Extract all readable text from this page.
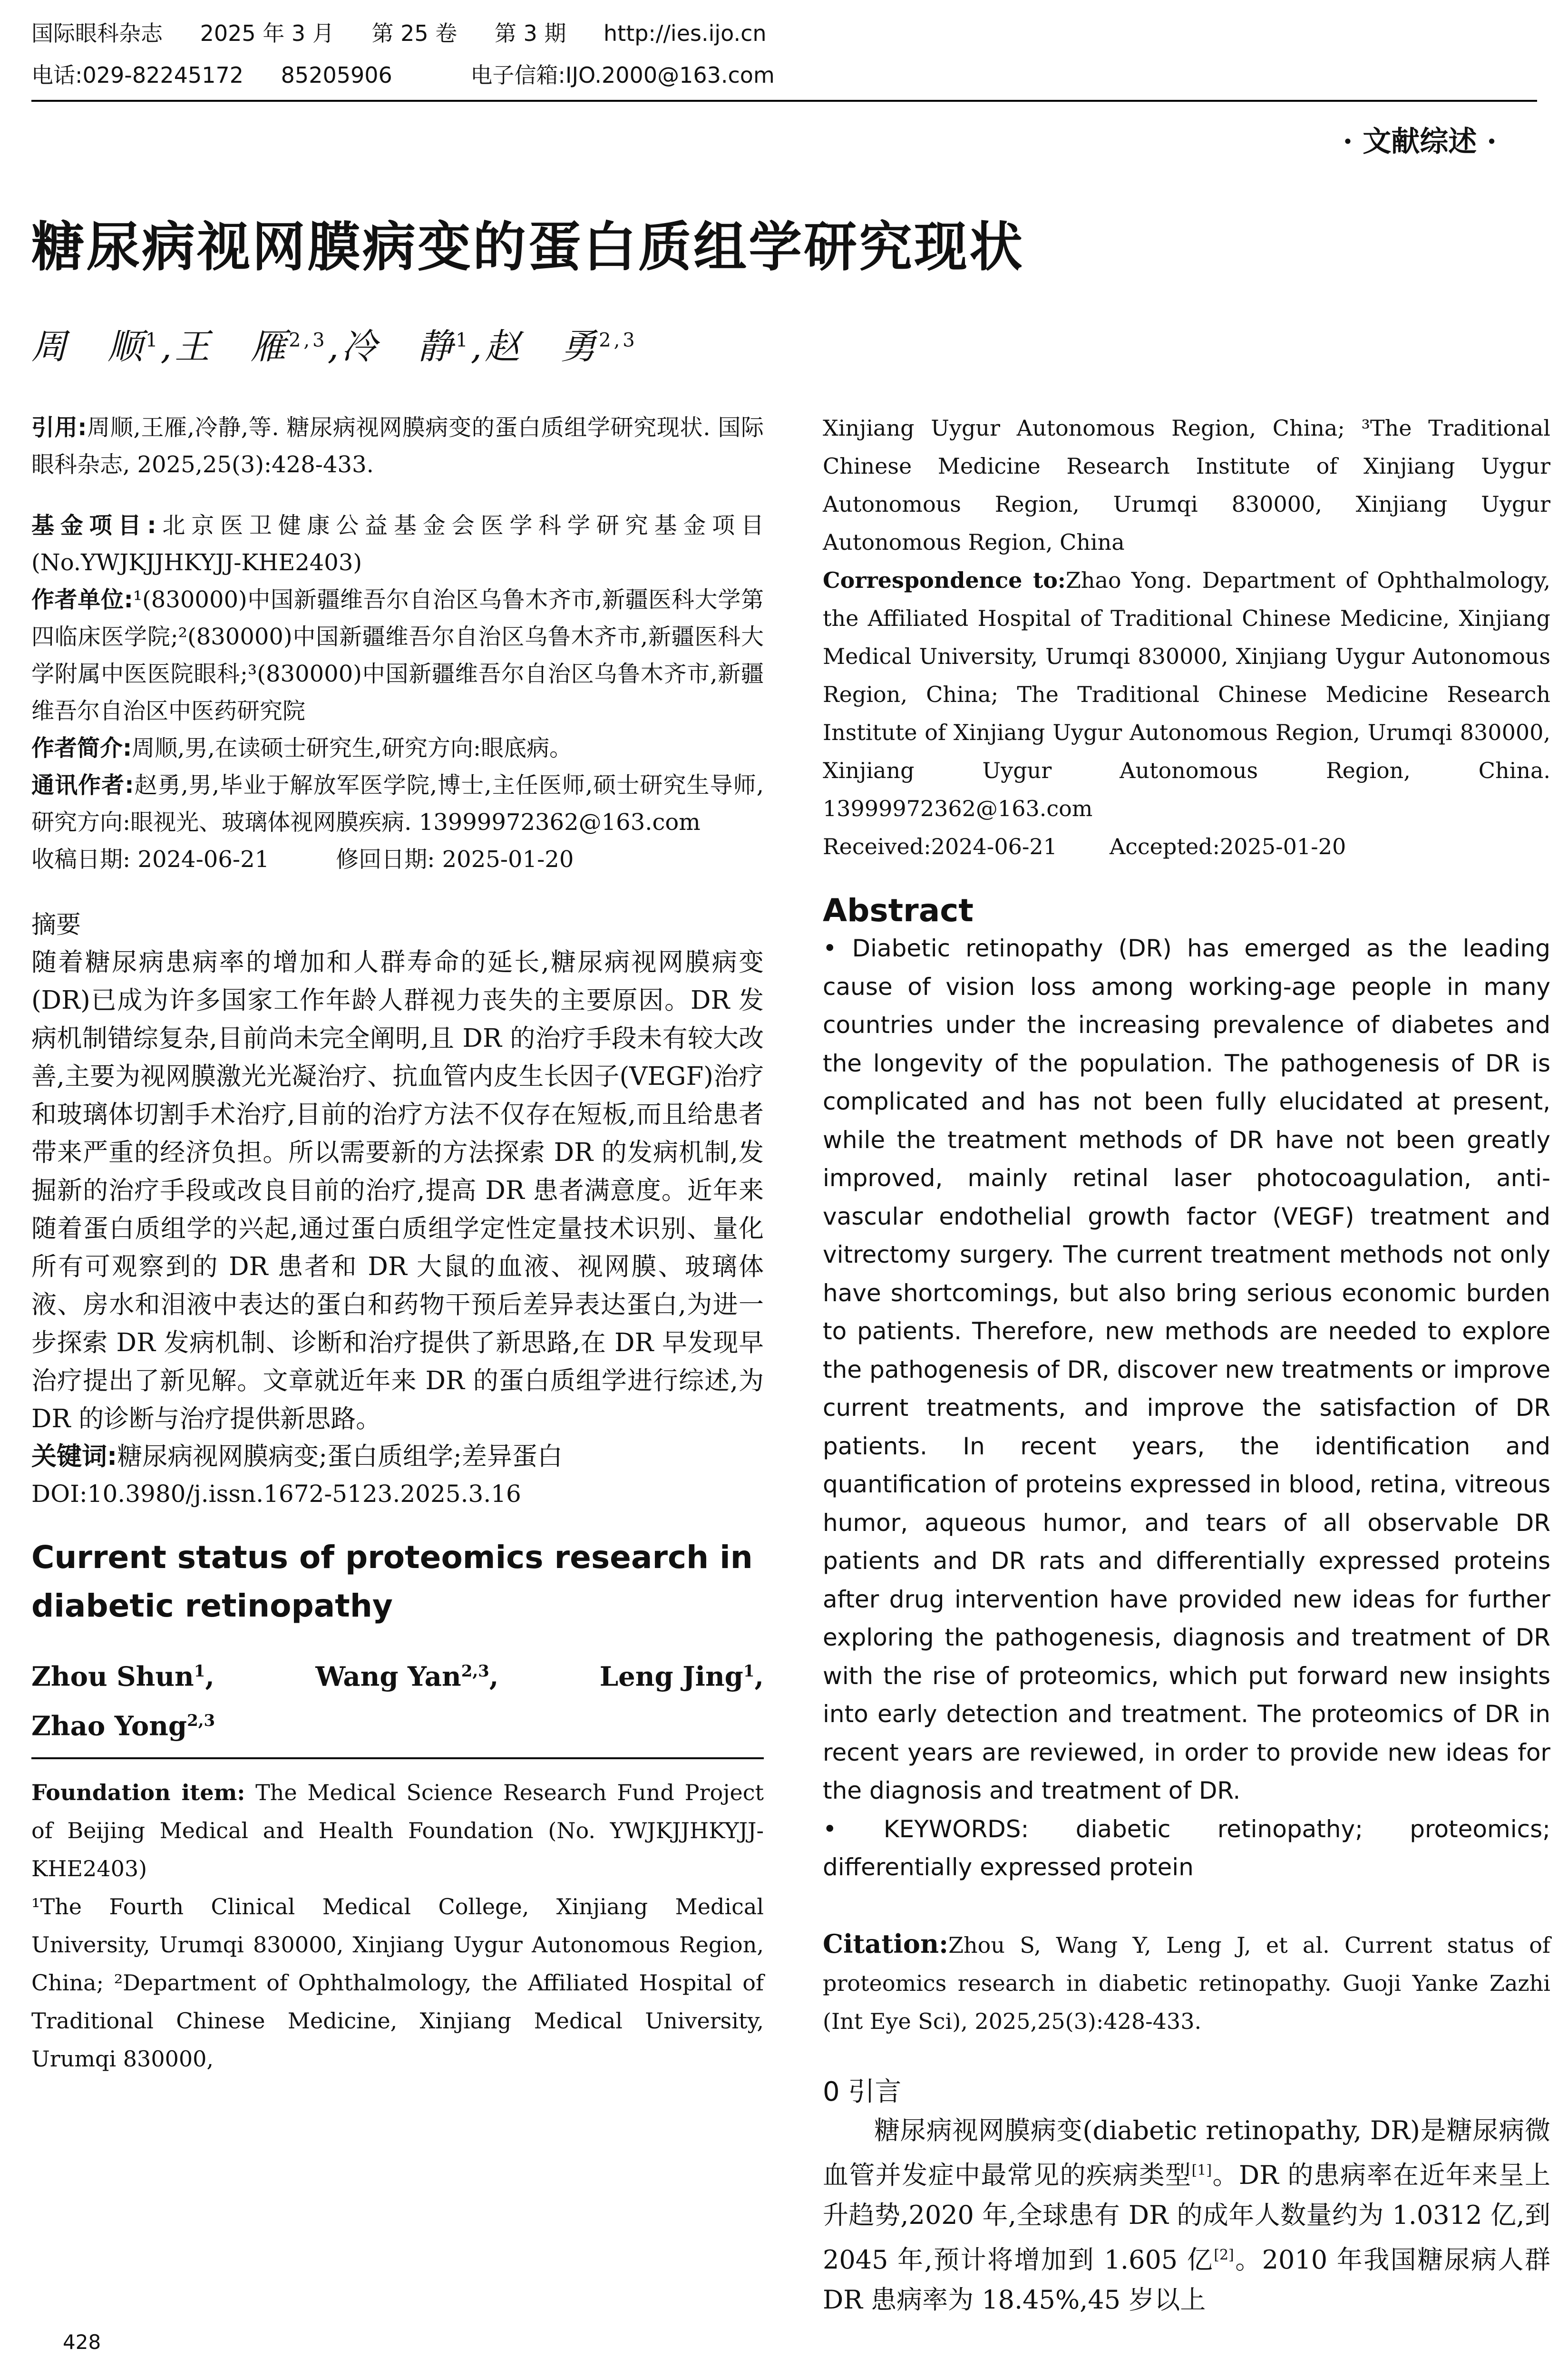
国际眼科杂志 2025 年 3 月 第 25 卷 第 3 期 http://ies.ijo.cn
电话:029-82245172 85205906	电子信箱:IJO.2000@163.com
· 文献综述 ·
糖尿病视网膜病变的蛋白质组学研究现状
周　顺$^1$,王　雁$^{2,3}$,冷　静$^1$,赵　勇$^{2,3}$

引用:周顺,王雁,冷静,等. 糖尿病视网膜病变的蛋白质组学研究现状. 国际眼科杂志, 2025,25(3):428-433.

基金项目:北京医卫健康公益基金会医学科学研究基金项目(No.YWJKJJHKYJJ-KHE2403)

作者单位:¹(830000)中国新疆维吾尔自治区乌鲁木齐市,新疆医科大学第四临床医学院;²(830000)中国新疆维吾尔自治区乌鲁木齐市,新疆医科大学附属中医医院眼科;³(830000)中国新疆维吾尔自治区乌鲁木齐市,新疆维吾尔自治区中医药研究院

作者简介:周顺,男,在读硕士研究生,研究方向:眼底病。

通讯作者:赵勇,男,毕业于解放军医学院,博士,主任医师,硕士研究生导师,研究方向:眼视光、玻璃体视网膜疾病. 13999972362@163.com

收稿日期: 2024-06-21	修回日期: 2025-01-20

摘要

随着糖尿病患病率的增加和人群寿命的延长,糖尿病视网膜病变(DR)已成为许多国家工作年龄人群视力丧失的主要原因。DR 发病机制错综复杂,目前尚未完全阐明,且 DR 的治疗手段未有较大改善,主要为视网膜激光光凝治疗、抗血管内皮生长因子(VEGF)治疗和玻璃体切割手术治疗,目前的治疗方法不仅存在短板,而且给患者带来严重的经济负担。所以需要新的方法探索 DR 的发病机制,发掘新的治疗手段或改良目前的治疗,提高 DR 患者满意度。近年来随着蛋白质组学的兴起,通过蛋白质组学定性定量技术识别、量化所有可观察到的 DR 患者和 DR 大鼠的血液、视网膜、玻璃体液、房水和泪液中表达的蛋白和药物干预后差异表达蛋白,为进一步探索 DR 发病机制、诊断和治疗提供了新思路,在 DR 早发现早治疗提出了新见解。文章就近年来 DR 的蛋白质组学进行综述,为 DR 的诊断与治疗提供新思路。

关键词:糖尿病视网膜病变;蛋白质组学;差异蛋白

DOI:10.3980/j.issn.1672-5123.2025.3.16

Current status of proteomics research in diabetic retinopathy

Zhou Shun$^1$,	Wang Yan$^{2,3}$,	Leng Jing$^1$,
Zhao Yong$^{2,3}$

Foundation item: The Medical Science Research Fund Project of Beijing Medical and Health Foundation (No. YWJKJJHKYJJ-KHE2403)

¹The Fourth Clinical Medical College, Xinjiang Medical University, Urumqi 830000, Xinjiang Uygur Autonomous Region, China; ²Department of Ophthalmology, the Affiliated Hospital of Traditional Chinese Medicine, Xinjiang Medical University, Urumqi 830000,

428

Xinjiang Uygur Autonomous Region, China; ³The Traditional Chinese Medicine Research Institute of Xinjiang Uygur Autonomous Region, Urumqi 830000, Xinjiang Uygur Autonomous Region, China

Correspondence to:Zhao Yong. Department of Ophthalmology, the Affiliated Hospital of Traditional Chinese Medicine, Xinjiang Medical University, Urumqi 830000, Xinjiang Uygur Autonomous Region, China; The Traditional Chinese Medicine Research Institute of Xinjiang Uygur Autonomous Region, Urumqi 830000, Xinjiang Uygur Autonomous Region, China. 13999972362@163.com

Received:2024-06-21 Accepted:2025-01-20

Abstract

• Diabetic retinopathy (DR) has emerged as the leading cause of vision loss among working-age people in many countries under the increasing prevalence of diabetes and the longevity of the population. The pathogenesis of DR is complicated and has not been fully elucidated at present, while the treatment methods of DR have not been greatly improved, mainly retinal laser photocoagulation, anti-vascular endothelial growth factor (VEGF) treatment and vitrectomy surgery. The current treatment methods not only have shortcomings, but also bring serious economic burden to patients. Therefore, new methods are needed to explore the pathogenesis of DR, discover new treatments or improve current treatments, and improve the satisfaction of DR patients. In recent years, the identification and quantification of proteins expressed in blood, retina, vitreous humor, aqueous humor, and tears of all observable DR patients and DR rats and differentially expressed proteins after drug intervention have provided new ideas for further exploring the pathogenesis, diagnosis and treatment of DR with the rise of proteomics, which put forward new insights into early detection and treatment. The proteomics of DR in recent years are reviewed, in order to provide new ideas for the diagnosis and treatment of DR.

• KEYWORDS: diabetic retinopathy; proteomics; differentially expressed protein

Citation:Zhou S, Wang Y, Leng J, et al. Current status of proteomics research in diabetic retinopathy. Guoji Yanke Zazhi (Int Eye Sci), 2025,25(3):428-433.

0 引言

糖尿病视网膜病变(diabetic retinopathy, DR)是糖尿病微血管并发症中最常见的疾病类型[1]。DR 的患病率在近年来呈上升趋势,2020 年,全球患有 DR 的成年人数量约为 1.0312 亿,到 2045 年,预计将增加到 1.605 亿[2]。2010 年我国糖尿病人群 DR 患病率为 18.45%,45 岁以上
